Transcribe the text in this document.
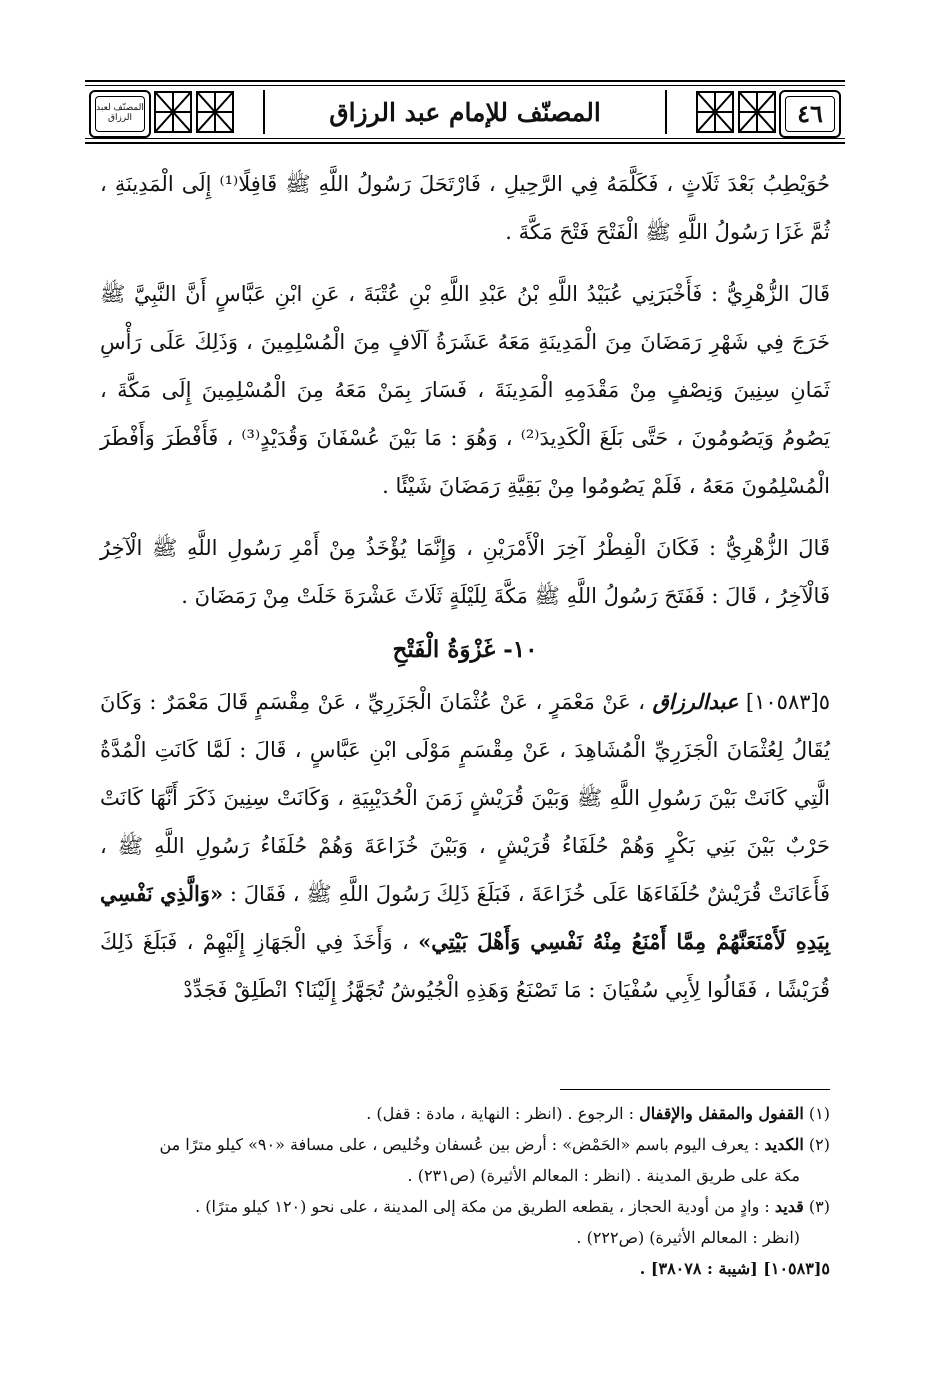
٤٦
المصنّف للإمام عبد الرزاق
المصنّف لعبد الرزاق

حُوَيْطِبُ بَعْدَ ثَلَاثٍ ، فَكَلَّمَهُ فِي الرَّحِيلِ ، فَارْتَحَلَ رَسُولُ اللَّهِ ﷺ قَافِلًا⁽¹⁾ إِلَى الْمَدِينَةِ ، ثُمَّ غَزَا رَسُولُ اللَّهِ ﷺ الْفَتْحَ فَتْحَ مَكَّةَ .

قَالَ الزُّهْرِيُّ : فَأَخْبَرَنِي عُبَيْدُ اللَّهِ بْنُ عَبْدِ اللَّهِ بْنِ عُتْبَةَ ، عَنِ ابْنِ عَبَّاسٍ أَنَّ النَّبِيَّ ﷺ خَرَجَ فِي شَهْرِ رَمَضَانَ مِنَ الْمَدِينَةِ مَعَهُ عَشَرَةُ آلَافٍ مِنَ الْمُسْلِمِينَ ، وَذَلِكَ عَلَى رَأْسِ ثَمَانِ سِنِينَ وَنِصْفٍ مِنْ مَقْدَمِهِ الْمَدِينَةَ ، فَسَارَ بِمَنْ مَعَهُ مِنَ الْمُسْلِمِينَ إِلَى مَكَّةَ ، يَصُومُ وَيَصُومُونَ ، حَتَّى بَلَغَ الْكَدِيدَ⁽²⁾ ، وَهُوَ : مَا بَيْنَ عُسْفَانَ وَقُدَيْدٍ⁽³⁾ ، فَأَفْطَرَ وَأَفْطَرَ الْمُسْلِمُونَ مَعَهُ ، فَلَمْ يَصُومُوا مِنْ بَقِيَّةِ رَمَضَانَ شَيْئًا .

قَالَ الزُّهْرِيُّ : فَكَانَ الْفِطْرُ آخِرَ الْأَمْرَيْنِ ، وَإِنَّمَا يُؤْخَذُ مِنْ أَمْرِ رَسُولِ اللَّهِ ﷺ الْآخِرُ فَالْآخِرُ ، قَالَ : فَفَتَحَ رَسُولُ اللَّهِ ﷺ مَكَّةَ لِلَيْلَةٍ ثَلَاثَ عَشْرَةَ خَلَتْ مِنْ رَمَضَانَ .

١٠- غَزْوَةُ الْفَتْحِ

٥[١٠٥٨٣] عبدالرزاق ، عَنْ مَعْمَرٍ ، عَنْ عُثْمَانَ الْجَزَرِيِّ ، عَنْ مِقْسَمٍ قَالَ مَعْمَرٌ : وَكَانَ يُقَالُ لِعُثْمَانَ الْجَزَرِيِّ الْمُشَاهِدَ ، عَنْ مِقْسَمٍ مَوْلَى ابْنِ عَبَّاسٍ ، قَالَ : لَمَّا كَانَتِ الْمُدَّةُ الَّتِي كَانَتْ بَيْنَ رَسُولِ اللَّهِ ﷺ وَبَيْنَ قُرَيْشٍ زَمَنَ الْحُدَيْبِيَةِ ، وَكَانَتْ سِنِينَ ذَكَرَ أَنَّهَا كَانَتْ حَرْبٌ بَيْنَ بَنِي بَكْرٍ وَهُمْ حُلَفَاءُ قُرَيْشٍ ، وَبَيْنَ خُزَاعَةَ وَهُمْ حُلَفَاءُ رَسُولِ اللَّهِ ﷺ ، فَأَعَانَتْ قُرَيْشٌ حُلَفَاءَهَا عَلَى خُزَاعَةَ ، فَبَلَغَ ذَلِكَ رَسُولَ اللَّهِ ﷺ ، فَقَالَ : «وَالَّذِي نَفْسِي بِيَدِهِ لَأَمْنَعَنَّهُمْ مِمَّا أَمْنَعُ مِنْهُ نَفْسِي وَأَهْلَ بَيْتِي» ، وَأَخَذَ فِي الْجَهَازِ إِلَيْهِمْ ، فَبَلَغَ ذَلِكَ قُرَيْشًا ، فَقَالُوا لِأَبِي سُفْيَانَ : مَا تَصْنَعُ وَهَذِهِ الْجُيُوشُ تُجَهَّزُ إِلَيْنَا؟ انْطَلِقْ فَجَدِّدْ

(١) القفول والمقفل والإقفال : الرجوع . (انظر : النهاية ، مادة : قفل) .

(٢) الكديد : يعرف اليوم باسم «الحَمْض» : أرض بين عُسفان وخُليص ، على مسافة «٩٠» كيلو مترًا من

مكة على طريق المدينة . (انظر : المعالم الأثيرة) (ص٢٣١) .

(٣) قديد : وادٍ من أودية الحجاز ، يقطعه الطريق من مكة إلى المدينة ، على نحو (١٢٠ كيلو مترًا) .

(انظر : المعالم الأثيرة) (ص٢٢٢) .

٥[١٠٥٨٣] [شيبة : ٣٨٠٧٨] .
